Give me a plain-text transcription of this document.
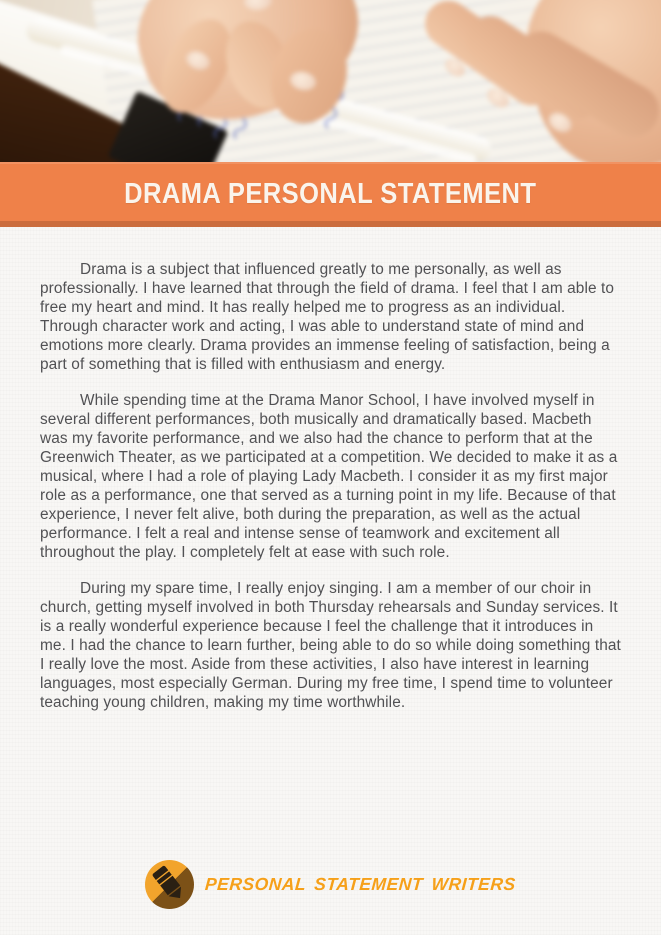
DRAMA PERSONAL STATEMENT

Drama is a subject that influenced greatly to me personally, as well as professionally. I have learned that through the field of drama. I feel that I am able to free my heart and mind. It has really helped me to progress as an individual. Through character work and acting, I was able to understand state of mind and emotions more clearly. Drama provides an immense feeling of satisfaction, being a part of something that is filled with enthusiasm and energy.

While spending time at the Drama Manor School, I have involved myself in several different performances, both musically and dramatically based. Macbeth was my favorite performance, and we also had the chance to perform that at the Greenwich Theater, as we participated at a competition. We decided to make it as a musical, where I had a role of playing Lady Macbeth. I consider it as my first major role as a performance, one that served as a turning point in my life. Because of that experience, I never felt alive, both during the preparation, as well as the actual performance. I felt a real and intense sense of teamwork and excitement all throughout the play. I completely felt at ease with such role.

During my spare time, I really enjoy singing. I am a member of our choir in church, getting myself involved in both Thursday rehearsals and Sunday services. It is a really wonderful experience because I feel the challenge that it introduces in me. I had the chance to learn further, being able to do so while doing something that I really love the most. Aside from these activities, I also have interest in learning languages, most especially German. During my free time, I spend time to volunteer teaching young children, making my time worthwhile.

PERSONAL STATEMENT WRITERS
